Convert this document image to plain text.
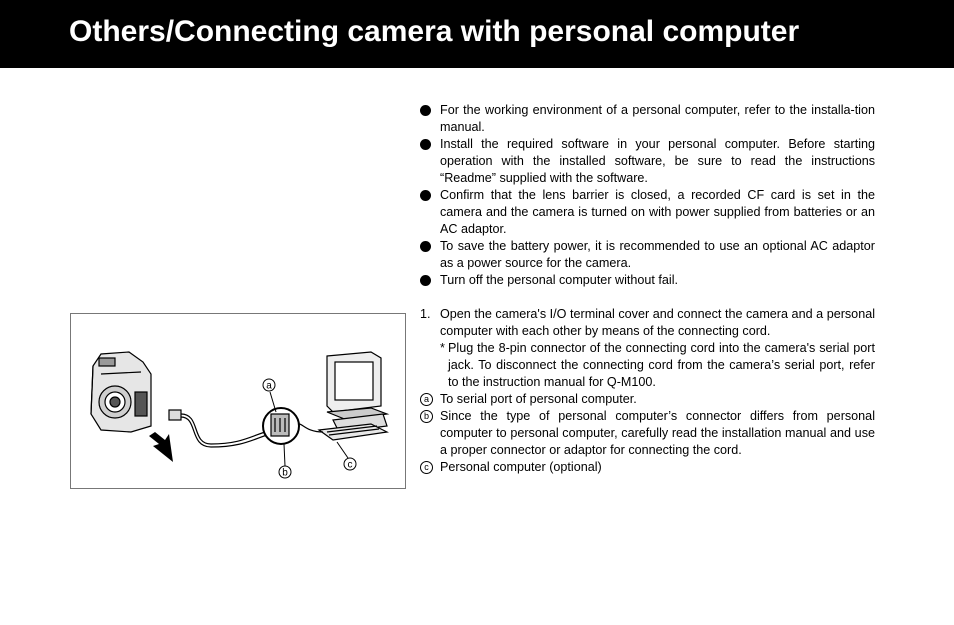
Others/Connecting camera with personal computer
For the working environment of a personal computer, refer to the installa-tion manual.
Install the required software in your personal computer. Before starting operation with the installed software, be sure to read the instructions “Readme” supplied with the software.
Confirm that the lens barrier is closed, a recorded CF card is set in the camera and the camera is turned on with power supplied from batteries or an AC adaptor.
To save the battery power, it is recommended to use an optional AC adaptor as a power source for the camera.
Turn off the personal computer without fail.
1. Open the camera's I/O terminal cover and connect the camera and a personal computer with each other by means of the connecting cord.
* Plug the 8-pin connector of the connecting cord into the camera's serial port jack. To disconnect the connecting cord from the camera’s serial port, refer to the instruction manual for Q-M100.
a To serial port of personal computer.
b Since the type of personal computer’s connector differs from personal computer to personal computer, carefully read the installation manual and use a proper connector or adaptor for connecting the cord.
c Personal computer (optional)
a
b
c
